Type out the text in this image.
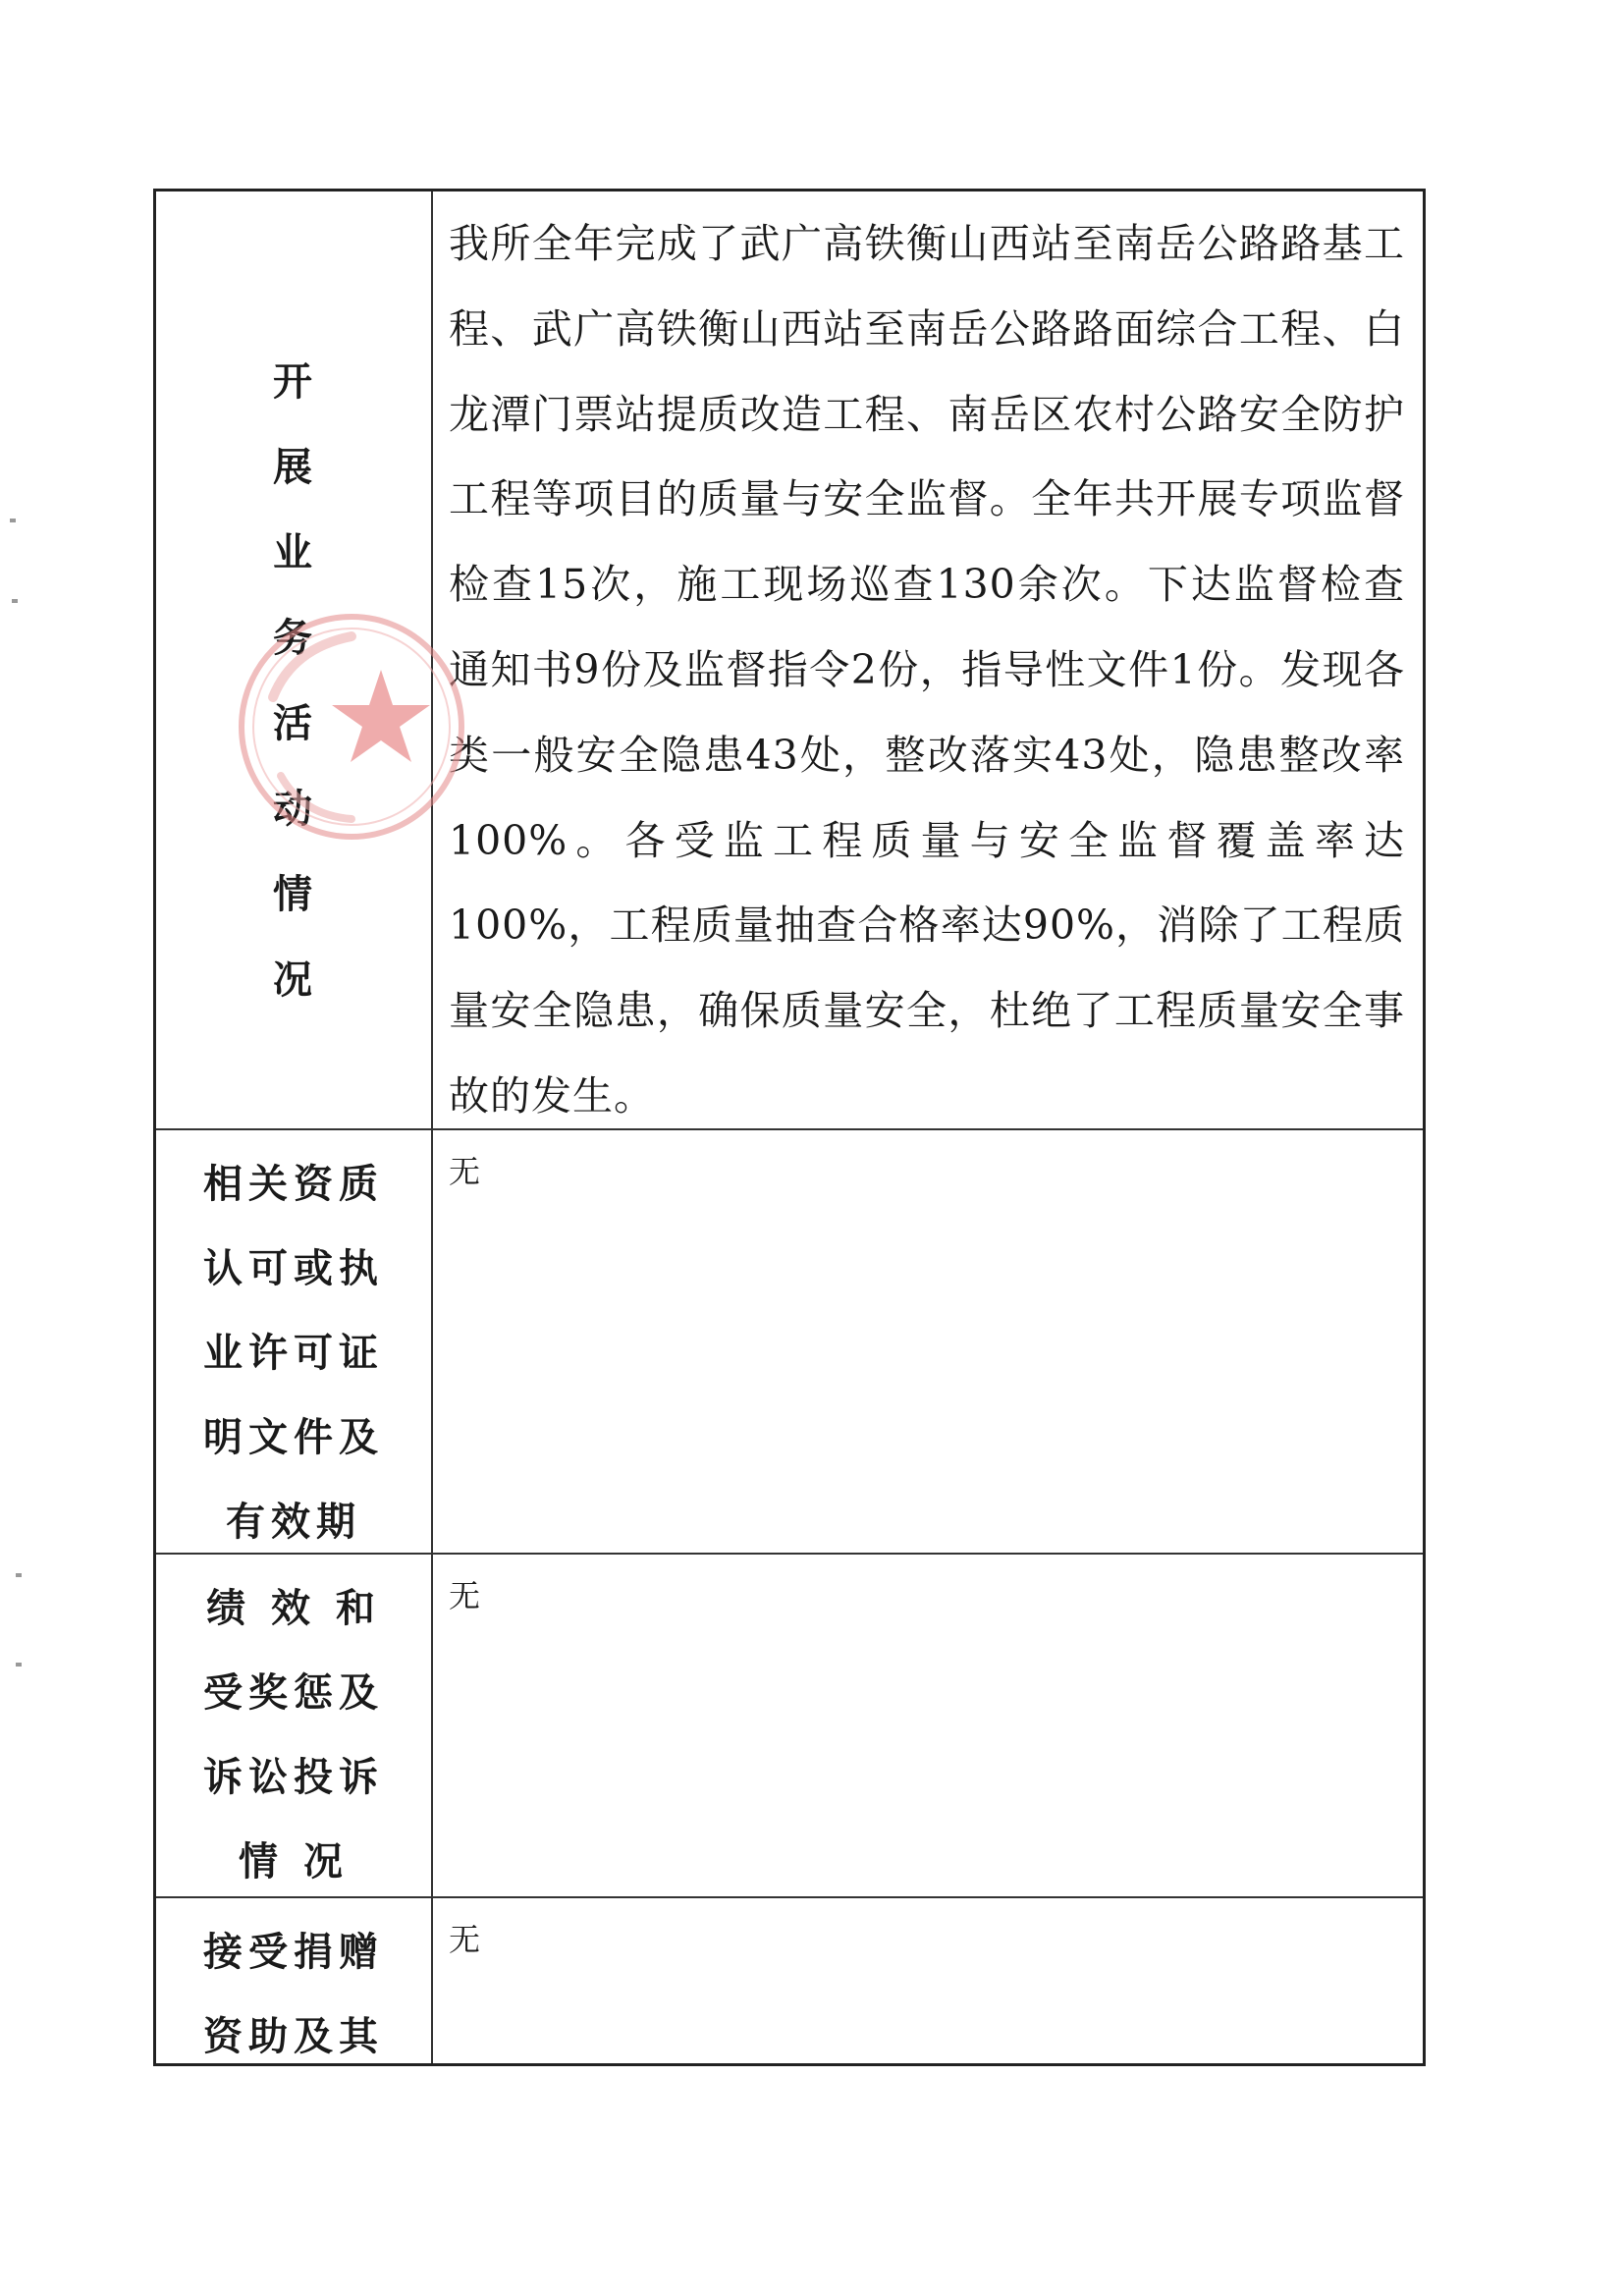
开
展
业
务
活
动
情
况
我所全年完成了武广高铁衡山西站至南岳公路路基工程、武广高铁衡山西站至南岳公路路面综合工程、白龙潭门票站提质改造工程、南岳区农村公路安全防护工程等项目的质量与安全监督。全年共开展专项监督检查15次，施工现场巡查130余次。下达监督检查通知书9份及监督指令2份，指导性文件1份。发现各类一般安全隐患43处，整改落实43处，隐患整改率100%。各受监工程质量与安全监督覆盖率达100%，工程质量抽查合格率达90%，消除了工程质量安全隐患，确保质量安全，杜绝了工程质量安全事故的发生。
相关资质
认可或执
业许可证
明文件及
有效期
无
绩 效 和
受奖惩及
诉讼投诉
情 况
无
接受捐赠
资助及其
无
